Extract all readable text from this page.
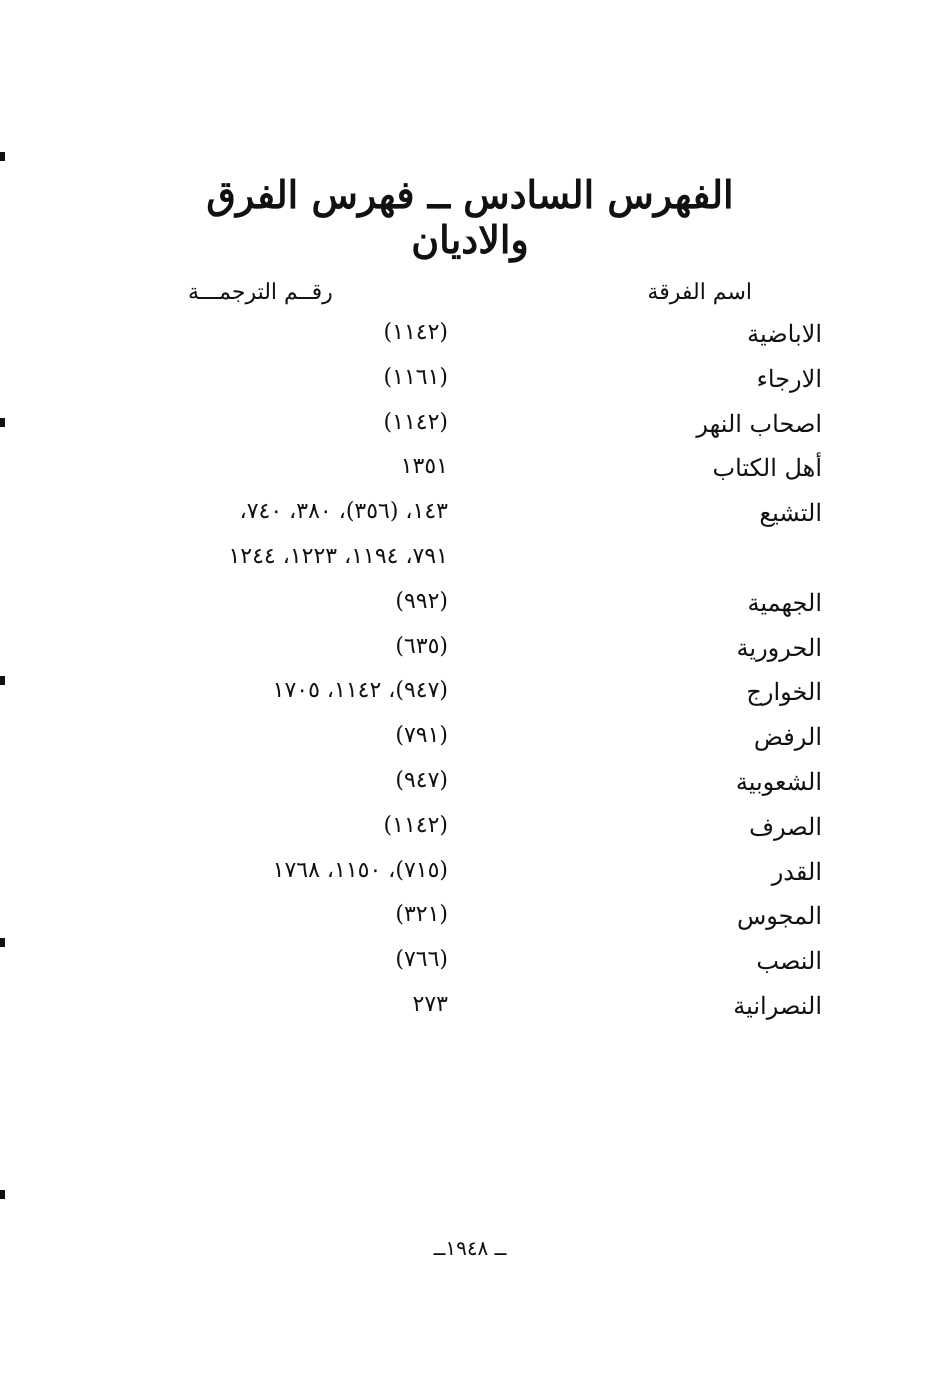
الفهرس السادس ــ فهرس الفرق والاديان
اسم الفرقة
رقــم الترجمـــة
الاباضية
(١١٤٢)
الارجاء
(١١٦١)
اصحاب النهر
(١١٤٢)
أهل الكتاب
١٣٥١
التشيع
١٤٣، (٣٥٦)، ٣٨٠، ٧٤٠،
٧٩١، ١١٩٤، ١٢٢٣، ١٢٤٤
الجهمية
(٩٩٢)
الحرورية
(٦٣٥)
الخوارج
(٩٤٧)، ١١٤٢، ١٧٠٥
الرفض
(٧٩١)
الشعوبية
(٩٤٧)
الصرف
(١١٤٢)
القدر
(٧١٥)، ١١٥٠، ١٧٦٨
المجوس
(٣٢١)
النصب
(٧٦٦)
النصرانية
٢٧٣
ــ ١٩٤٨ــ
